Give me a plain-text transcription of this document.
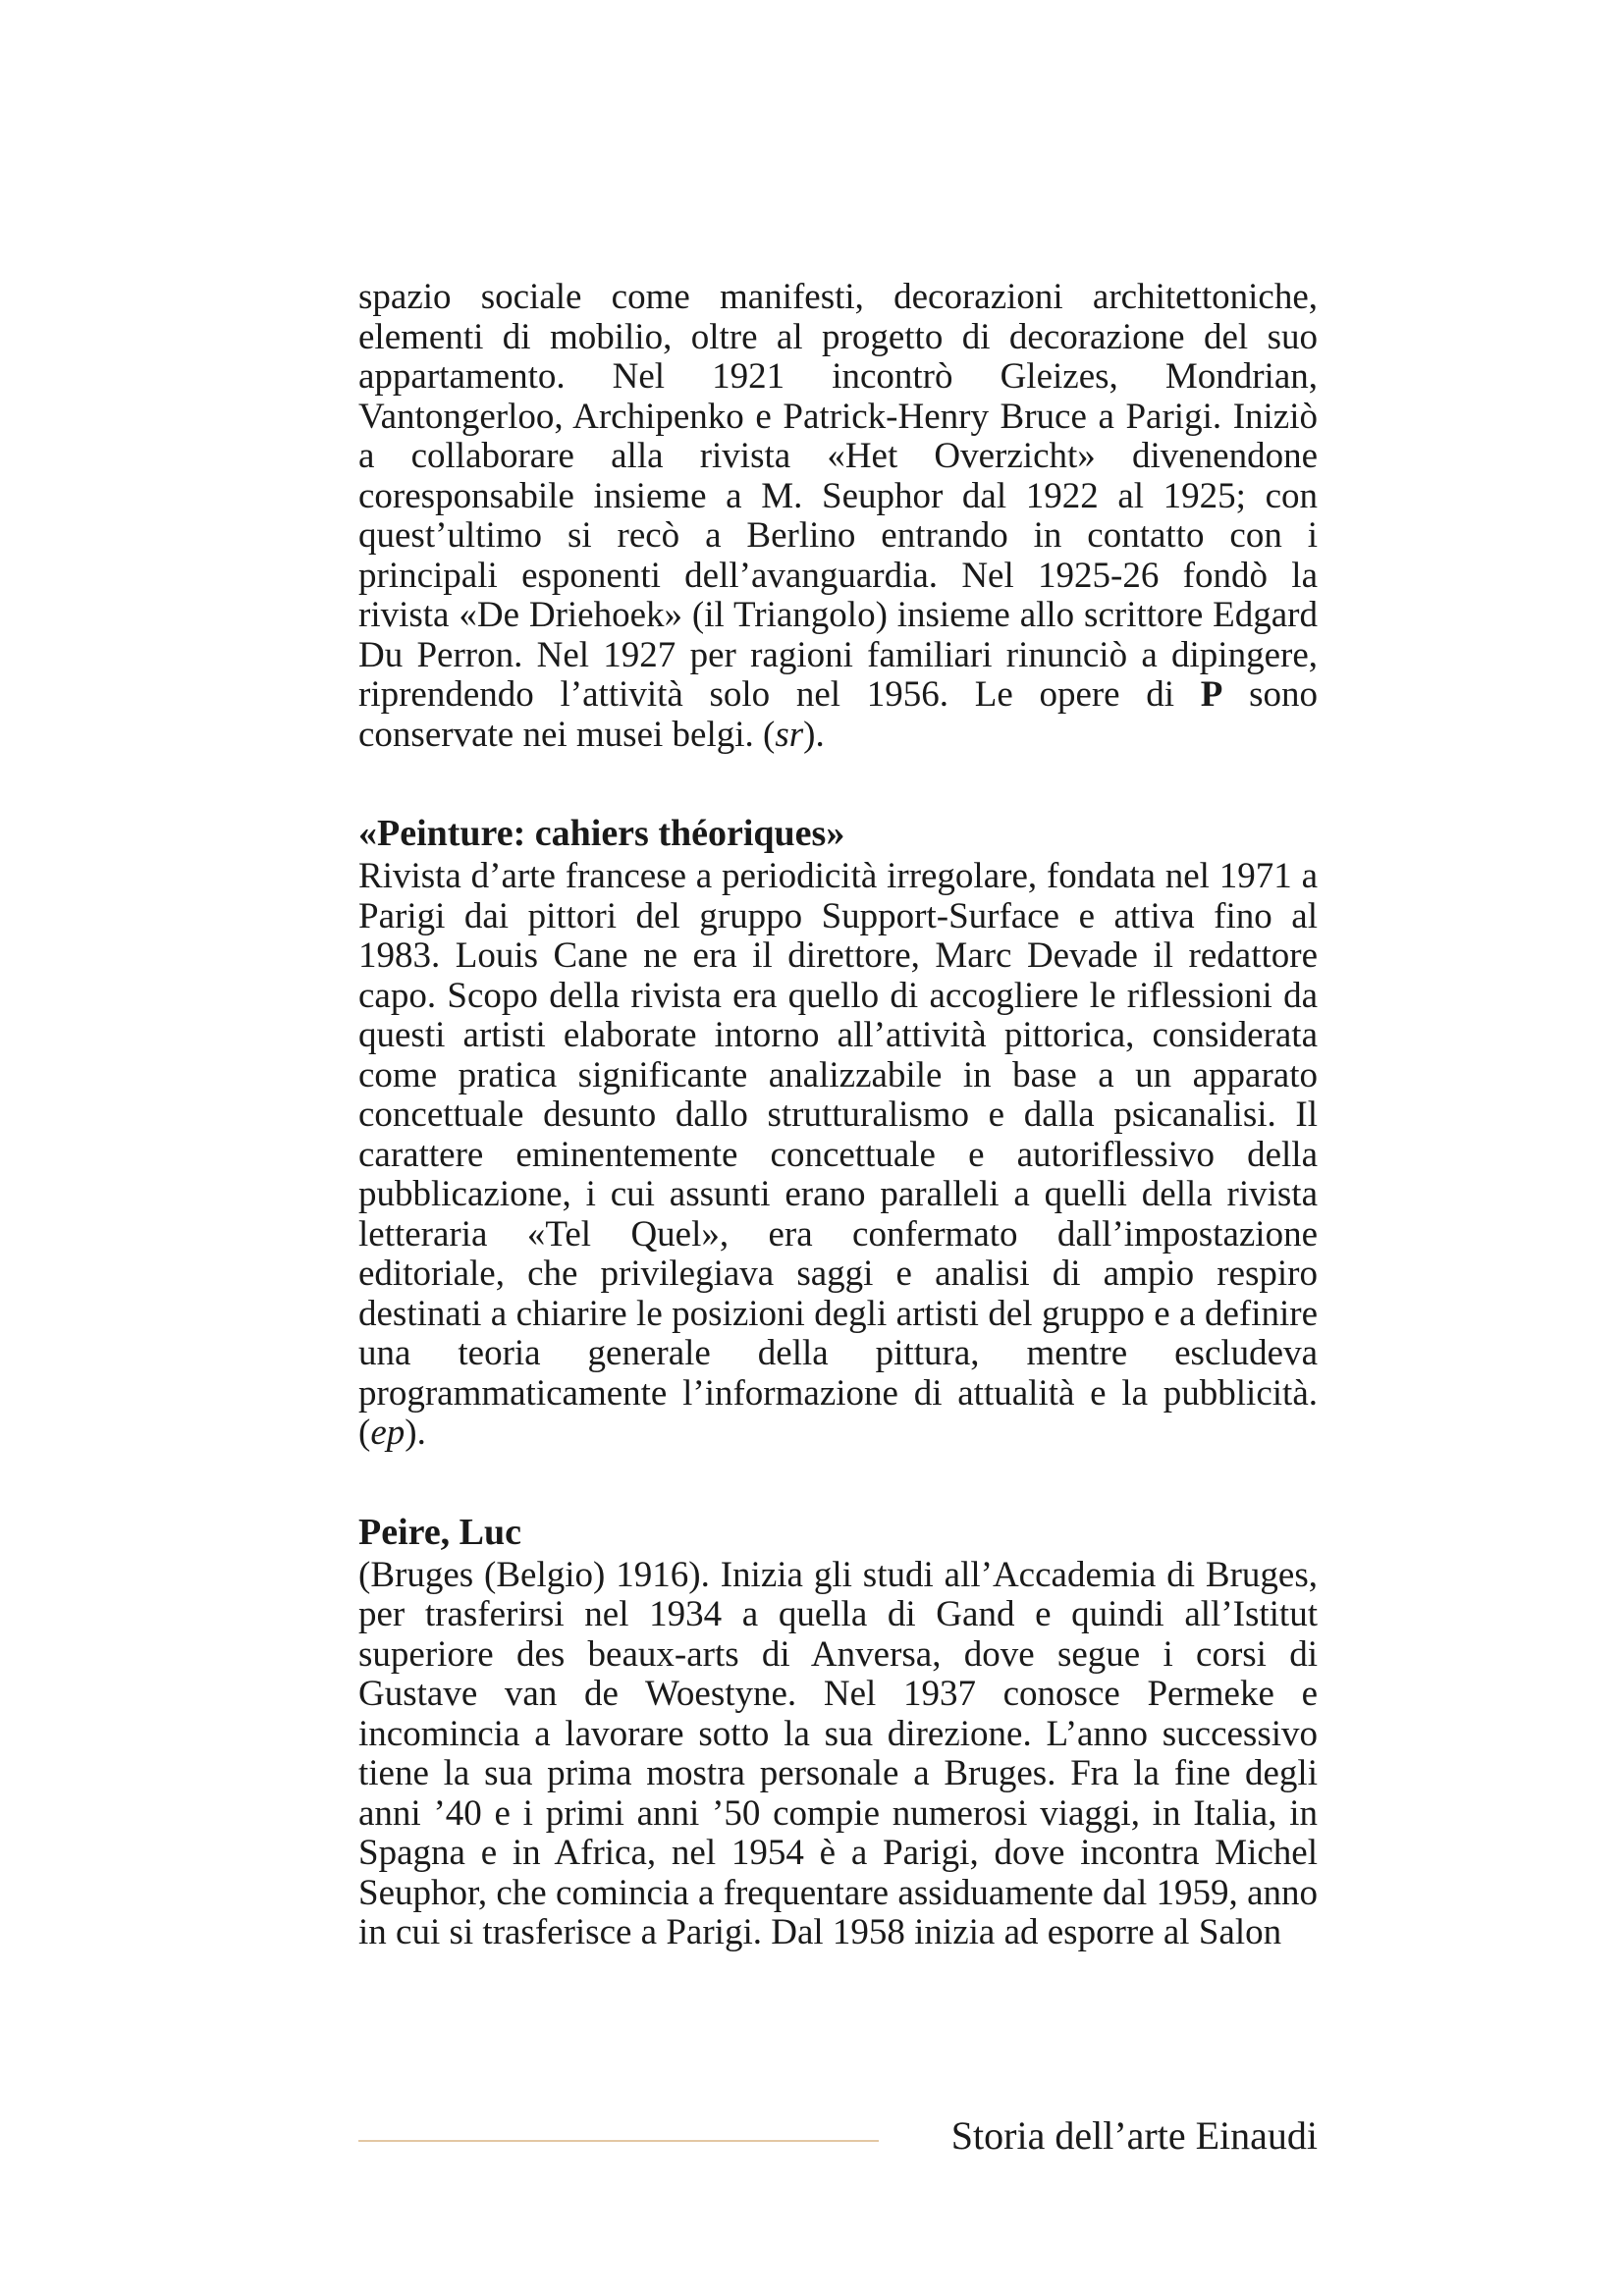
spazio sociale come manifesti, decorazioni architettoniche, elementi di mobilio, oltre al progetto di decorazione del suo appartamento. Nel 1921 incontrò Gleizes, Mondrian, Vantongerloo, Archipenko e Patrick-Henry Bruce a Parigi. Iniziò a collaborare alla rivista «Het Overzicht» divenendone coresponsabile insieme a M. Seuphor dal 1922 al 1925; con quest’ultimo si recò a Berlino entrando in contatto con i principali esponenti dell’avanguardia. Nel 1925-26 fondò la rivista «De Driehoek» (il Triangolo) insieme allo scrittore Edgard Du Perron. Nel 1927 per ragioni familiari rinunciò a dipingere, riprendendo l’attività solo nel 1956. Le opere di P sono conservate nei musei belgi. (sr).

«Peinture: cahiers théoriques»

Rivista d’arte francese a periodicità irregolare, fondata nel 1971 a Parigi dai pittori del gruppo Support-Surface e attiva fino al 1983. Louis Cane ne era il direttore, Marc Devade il redattore capo. Scopo della rivista era quello di accogliere le riflessioni da questi artisti elaborate intorno all’attività pittorica, considerata come pratica significante analizzabile in base a un apparato concettuale desunto dallo strutturalismo e dalla psicanalisi. Il carattere eminentemente concettuale e autoriflessivo della pubblicazione, i cui assunti erano paralleli a quelli della rivista letteraria «Tel Quel», era confermato dall’impostazione editoriale, che privilegiava saggi e analisi di ampio respiro destinati a chiarire le posizioni degli artisti del gruppo e a definire una teoria generale della pittura, mentre escludeva programmaticamente l’informazione di attualità e la pubblicità. (ep).

Peire, Luc

(Bruges (Belgio) 1916). Inizia gli studi all’Accademia di Bruges, per trasferirsi nel 1934 a quella di Gand e quindi all’Istitut superiore des beaux-arts di Anversa, dove segue i corsi di Gustave van de Woestyne. Nel 1937 conosce Permeke e incomincia a lavorare sotto la sua direzione. L’anno successivo tiene la sua prima mostra personale a Bruges. Fra la fine degli anni ’40 e i primi anni ’50 compie numerosi viaggi, in Italia, in Spagna e in Africa, nel 1954 è a Parigi, dove incontra Michel Seuphor, che comincia a frequentare assiduamente dal 1959, anno in cui si trasferisce a Parigi. Dal 1958 inizia ad esporre al Salon

Storia dell’arte Einaudi
